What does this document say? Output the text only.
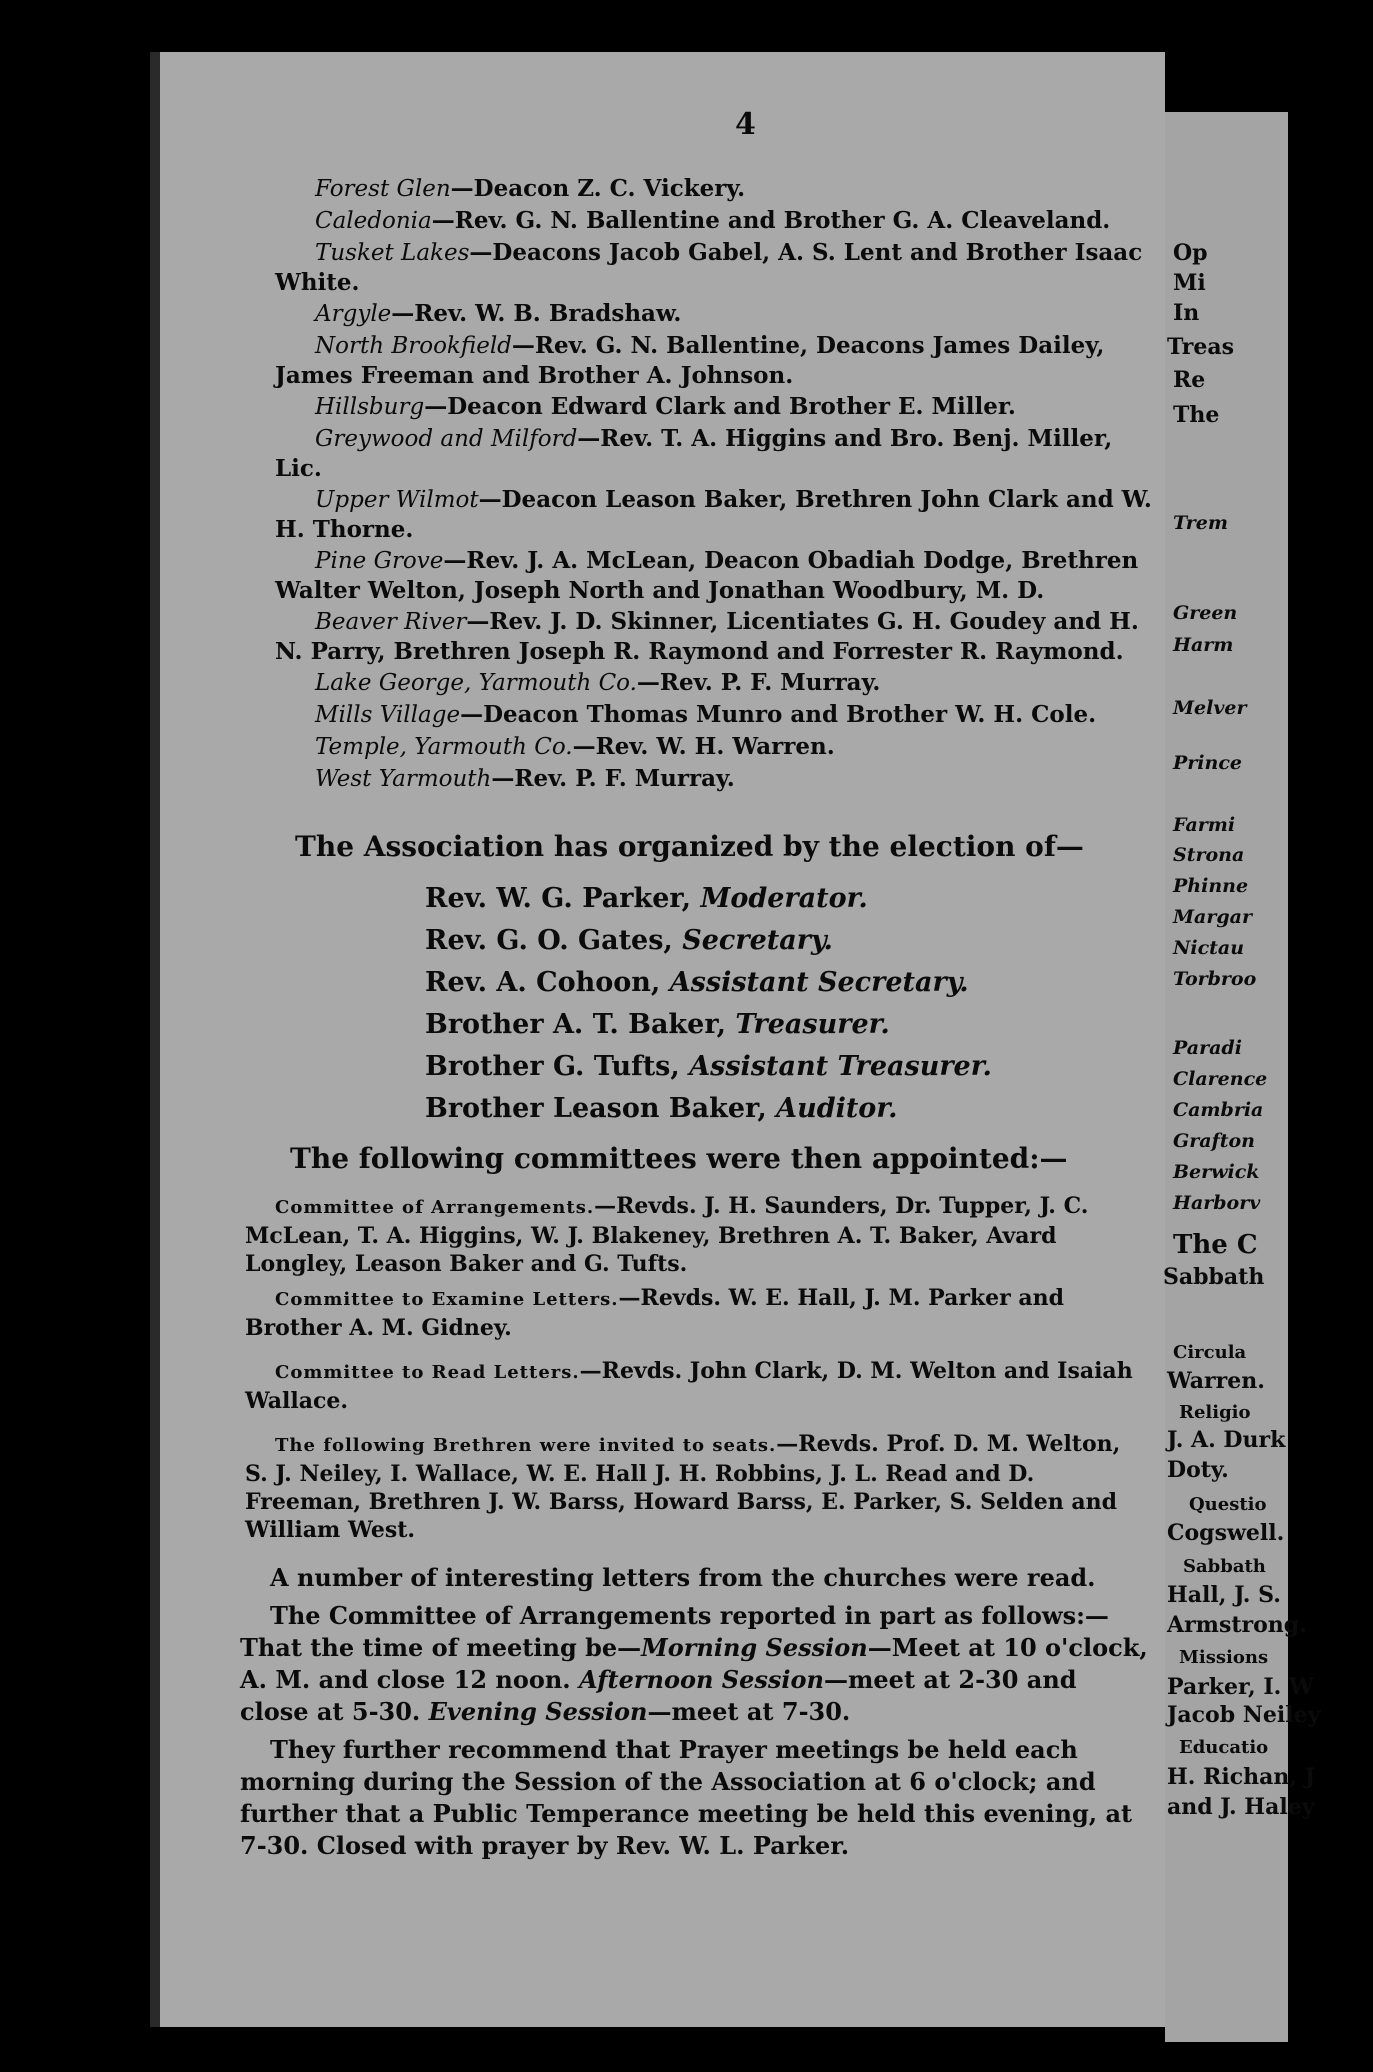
4

Forest Glen—Deacon Z. C. Vickery.

Caledonia—Rev. G. N. Ballentine and Brother G. A. Cleaveland.

Tusket Lakes—Deacons Jacob Gabel, A. S. Lent and Brother Isaac White.

Argyle—Rev. W. B. Bradshaw.

North Brookfield—Rev. G. N. Ballentine, Deacons James Dailey, James Freeman and Brother A. Johnson.

Hillsburg—Deacon Edward Clark and Brother E. Miller.

Greywood and Milford—Rev. T. A. Higgins and Bro. Benj. Miller, Lic.

Upper Wilmot—Deacon Leason Baker, Brethren John Clark and W. H. Thorne.

Pine Grove—Rev. J. A. McLean, Deacon Obadiah Dodge, Brethren Walter Welton, Joseph North and Jonathan Woodbury, M. D.

Beaver River—Rev. J. D. Skinner, Licentiates G. H. Goudey and H. N. Parry, Brethren Joseph R. Raymond and Forrester R. Raymond.

Lake George, Yarmouth Co.—Rev. P. F. Murray.

Mills Village—Deacon Thomas Munro and Brother W. H. Cole.

Temple, Yarmouth Co.—Rev. W. H. Warren.

West Yarmouth—Rev. P. F. Murray.

The Association has organized by the election of—
Rev. W. G. Parker, Moderator.
Rev. G. O. Gates, Secretary.
Rev. A. Cohoon, Assistant Secretary.
Brother A. T. Baker, Treasurer.
Brother G. Tufts, Assistant Treasurer.
Brother Leason Baker, Auditor.
The following committees were then appointed:—
Committee of Arrangements.—Revds. J. H. Saunders, Dr. Tupper, J. C. McLean, T. A. Higgins, W. J. Blakeney, Brethren A. T. Baker, Avard Longley, Leason Baker and G. Tufts.
Committee to Examine Letters.—Revds. W. E. Hall, J. M. Parker and Brother A. M. Gidney.
Committee to Read Letters.—Revds. John Clark, D. M. Welton and Isaiah Wallace.
The following Brethren were invited to seats.—Revds. Prof. D. M. Welton, S. J. Neiley, I. Wallace, W. E. Hall J. H. Robbins, J. L. Read and D. Freeman, Brethren J. W. Barss, Howard Barss, E. Parker, S. Selden and William West.

A number of interesting letters from the churches were read.

The Committee of Arrangements reported in part as follows:—That the time of meeting be—Morning Session—Meet at 10 o'clock, A. M. and close 12 noon. Afternoon Session—meet at 2-30 and close at 5-30. Evening Session—meet at 7-30.

They further recommend that Prayer meetings be held each morning during the Session of the Association at 6 o'clock; and further that a Public Temperance meeting be held this evening, at 7-30. Closed with prayer by Rev. W. L. Parker.

Op
Mi
In
Treas
Re
The
Trem
Green
Harm
Melver
Prince
Farmi
Strona
Phinne
Margar
Nictau
Torbroo
Paradi
Clarence
Cambria
Grafton
Berwick
Harborv
The C
Sabbath
Circula
Warren.
Religio
J. A. Durk
Doty.
Questio
Cogswell.
Sabbath
Hall, J. S.
Armstrong.
Missions
Parker, I. W
Jacob Neiley
Educatio
H. Richan, J
and J. Haley
